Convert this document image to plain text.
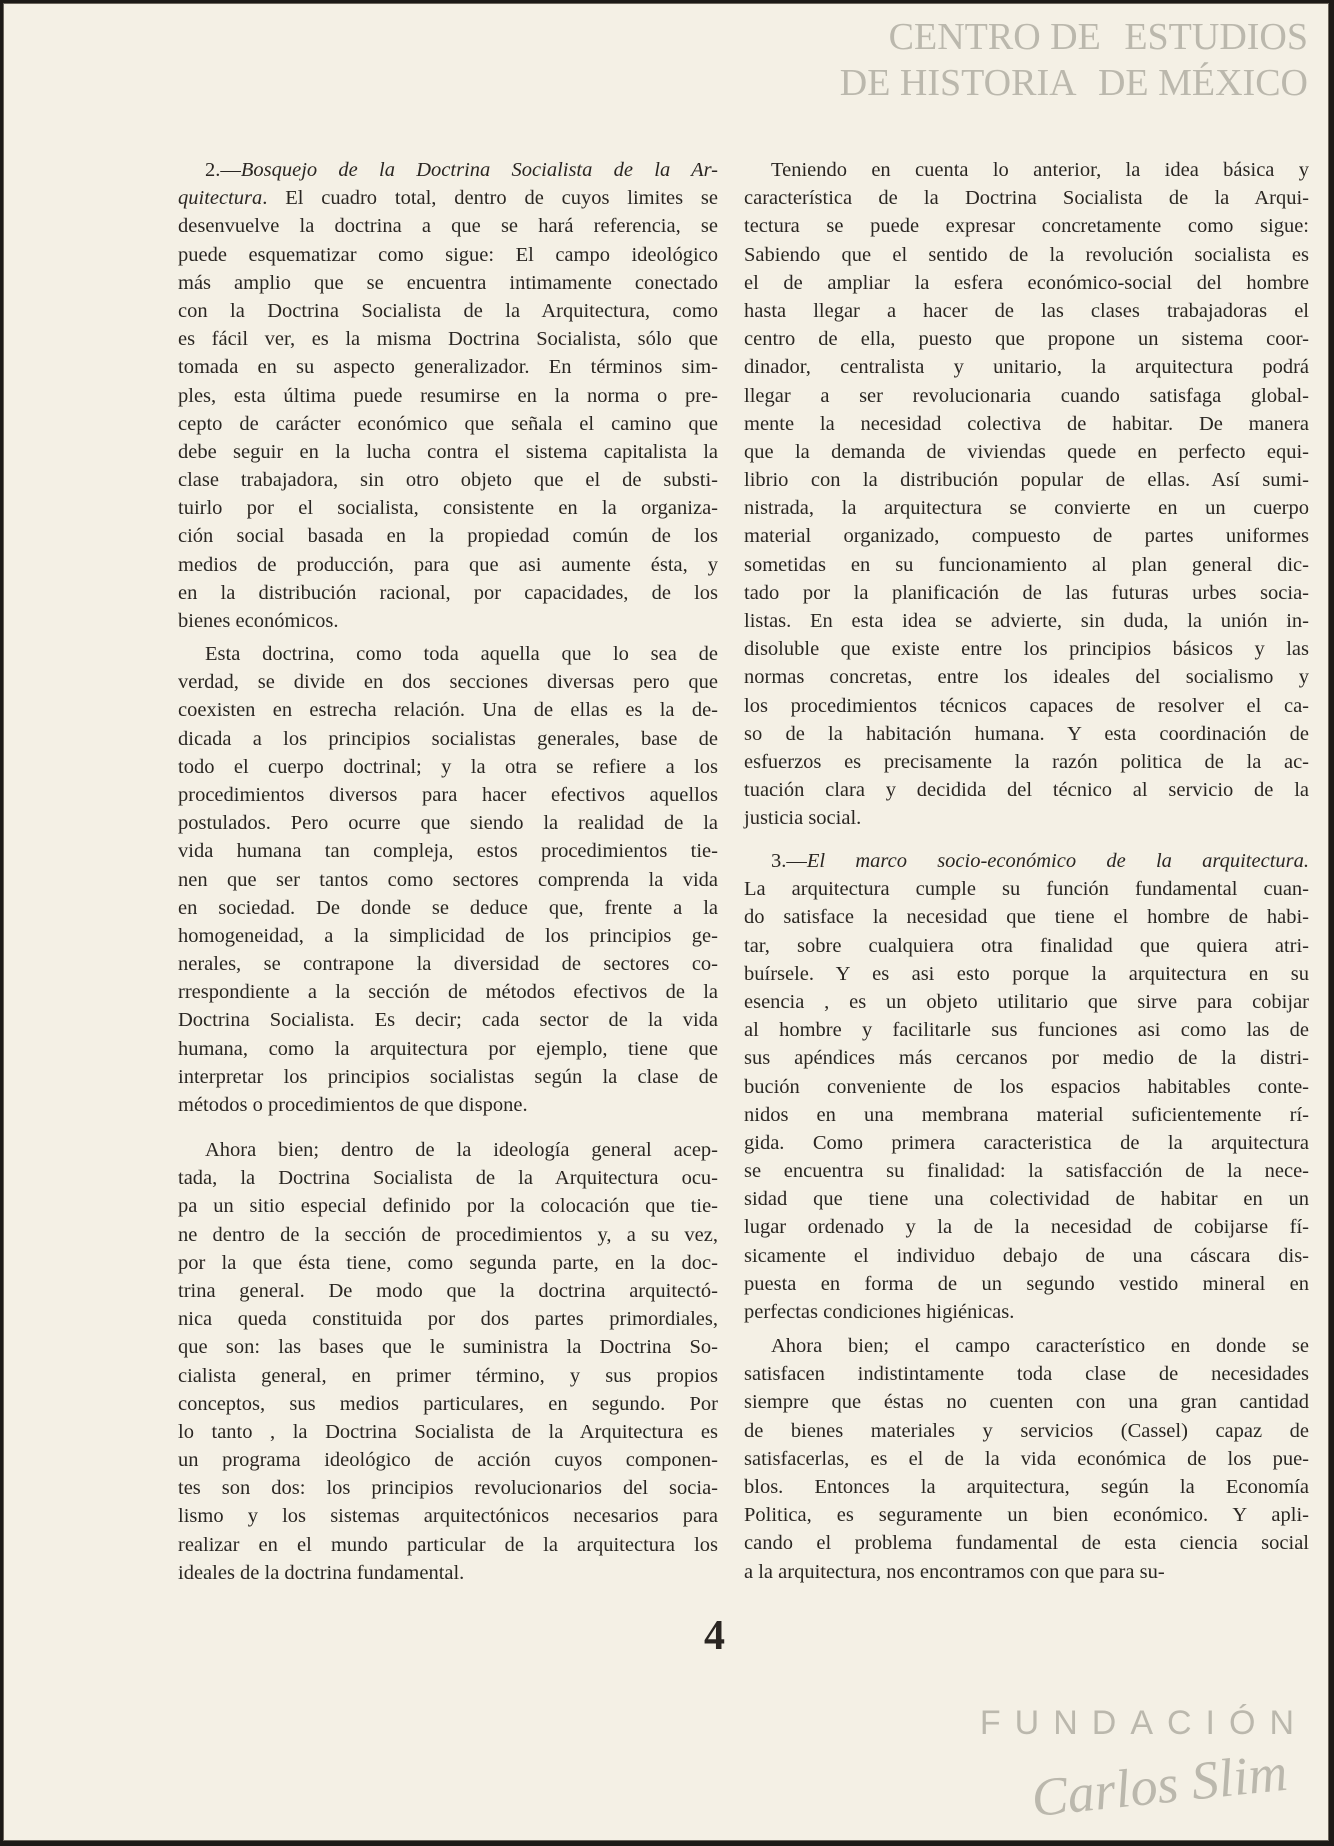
CENTRO DE ESTUDIOS
DE HISTORIA DE MÉXICO
FUNDACIÓN
Carlos Slim
2.—Bosquejo de la Doctrina Socialista de la Ar-
quitectura. El cuadro total, dentro de cuyos limites se
desenvuelve la doctrina a que se hará referencia, se
puede esquematizar como sigue: El campo ideológico
más amplio que se encuentra intimamente conectado
con la Doctrina Socialista de la Arquitectura, como
es fácil ver, es la misma Doctrina Socialista, sólo que
tomada en su aspecto generalizador. En términos sim-
ples, esta última puede resumirse en la norma o pre-
cepto de carácter económico que señala el camino que
debe seguir en la lucha contra el sistema capitalista la
clase trabajadora, sin otro objeto que el de substi-
tuirlo por el socialista, consistente en la organiza-
ción social basada en la propiedad común de los
medios de producción, para que asi aumente ésta, y
en la distribución racional, por capacidades, de los
bienes económicos.
Esta doctrina, como toda aquella que lo sea de
verdad, se divide en dos secciones diversas pero que
coexisten en estrecha relación. Una de ellas es la de-
dicada a los principios socialistas generales, base de
todo el cuerpo doctrinal; y la otra se refiere a los
procedimientos diversos para hacer efectivos aquellos
postulados. Pero ocurre que siendo la realidad de la
vida humana tan compleja, estos procedimientos tie-
nen que ser tantos como sectores comprenda la vida
en sociedad. De donde se deduce que, frente a la
homogeneidad, a la simplicidad de los principios ge-
nerales, se contrapone la diversidad de sectores co-
rrespondiente a la sección de métodos efectivos de la
Doctrina Socialista. Es decir; cada sector de la vida
humana, como la arquitectura por ejemplo, tiene que
interpretar los principios socialistas según la clase de
métodos o procedimientos de que dispone.
Ahora bien; dentro de la ideología general acep-
tada, la Doctrina Socialista de la Arquitectura ocu-
pa un sitio especial definido por la colocación que tie-
ne dentro de la sección de procedimientos y, a su vez,
por la que ésta tiene, como segunda parte, en la doc-
trina general. De modo que la doctrina arquitectó-
nica queda constituida por dos partes primordiales,
que son: las bases que le suministra la Doctrina So-
cialista general, en primer término, y sus propios
conceptos, sus medios particulares, en segundo. Por
lo tanto , la Doctrina Socialista de la Arquitectura es
un programa ideológico de acción cuyos componen-
tes son dos: los principios revolucionarios del socia-
lismo y los sistemas arquitectónicos necesarios para
realizar en el mundo particular de la arquitectura los
ideales de la doctrina fundamental.
Teniendo en cuenta lo anterior, la idea básica y
característica de la Doctrina Socialista de la Arqui-
tectura se puede expresar concretamente como sigue:
Sabiendo que el sentido de la revolución socialista es
el de ampliar la esfera económico-social del hombre
hasta llegar a hacer de las clases trabajadoras el
centro de ella, puesto que propone un sistema coor-
dinador, centralista y unitario, la arquitectura podrá
llegar a ser revolucionaria cuando satisfaga global-
mente la necesidad colectiva de habitar. De manera
que la demanda de viviendas quede en perfecto equi-
librio con la distribución popular de ellas. Así sumi-
nistrada, la arquitectura se convierte en un cuerpo
material organizado, compuesto de partes uniformes
sometidas en su funcionamiento al plan general dic-
tado por la planificación de las futuras urbes socia-
listas. En esta idea se advierte, sin duda, la unión in-
disoluble que existe entre los principios básicos y las
normas concretas, entre los ideales del socialismo y
los procedimientos técnicos capaces de resolver el ca-
so de la habitación humana. Y esta coordinación de
esfuerzos es precisamente la razón politica de la ac-
tuación clara y decidida del técnico al servicio de la
justicia social.
3.—El marco socio-económico de la arquitectura.
La arquitectura cumple su función fundamental cuan-
do satisface la necesidad que tiene el hombre de habi-
tar, sobre cualquiera otra finalidad que quiera atri-
buírsele. Y es asi esto porque la arquitectura en su
esencia , es un objeto utilitario que sirve para cobijar
al hombre y facilitarle sus funciones asi como las de
sus apéndices más cercanos por medio de la distri-
bución conveniente de los espacios habitables conte-
nidos en una membrana material suficientemente rí-
gida. Como primera caracteristica de la arquitectura
se encuentra su finalidad: la satisfacción de la nece-
sidad que tiene una colectividad de habitar en un
lugar ordenado y la de la necesidad de cobijarse fí-
sicamente el individuo debajo de una cáscara dis-
puesta en forma de un segundo vestido mineral en
perfectas condiciones higiénicas.
Ahora bien; el campo característico en donde se
satisfacen indistintamente toda clase de necesidades
siempre que éstas no cuenten con una gran cantidad
de bienes materiales y servicios (Cassel) capaz de
satisfacerlas, es el de la vida económica de los pue-
blos. Entonces la arquitectura, según la Economía
Politica, es seguramente un bien económico. Y apli-
cando el problema fundamental de esta ciencia social
a la arquitectura, nos encontramos con que para su-
4
